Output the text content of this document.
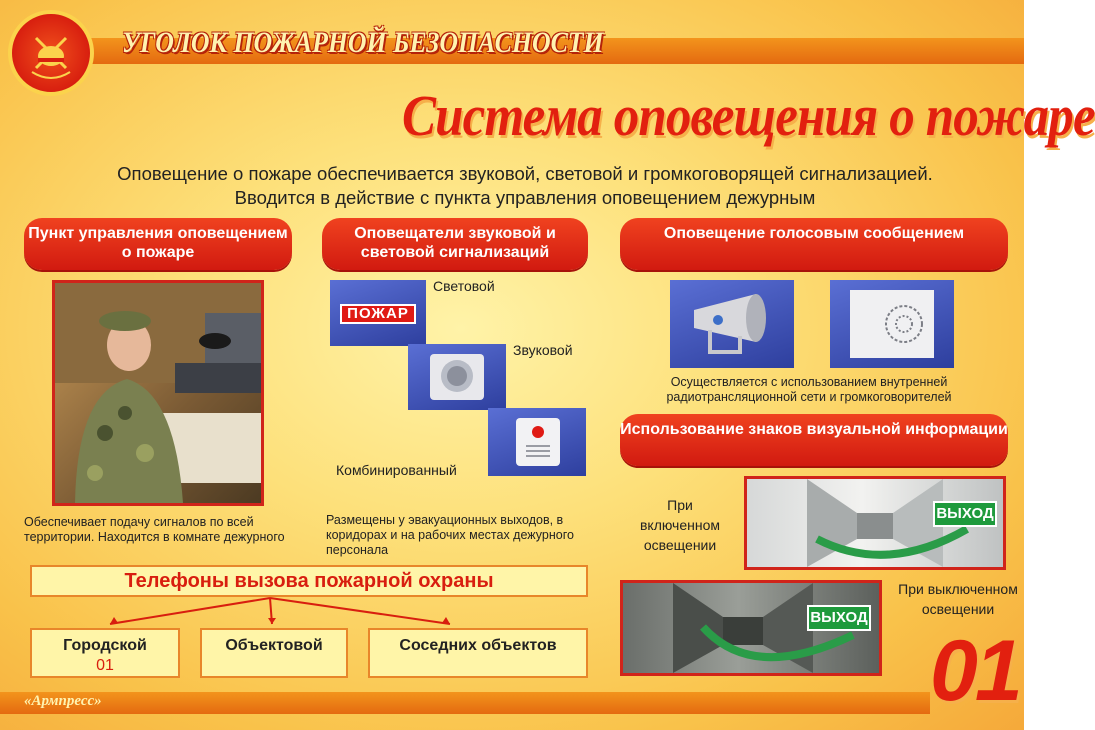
УГОЛОК ПОЖАРНОЙ БЕЗОПАСНОСТИ
Система оповещения о пожаре
Оповещение о пожаре обеспечивается звуковой, световой и громкоговорящей сигнализацией. Вводится в действие с пункта управления оповещением дежурным
Пункт управления оповещением о пожаре
Обеспечивает подачу сигналов по всей территории. Находится в комнате дежурного
Оповещатели звуковой и световой сигнализаций
ПОЖАР
Световой
Звуковой
Комбинированный
Размещены у эвакуационных выходов, в коридорах и на рабочих местах дежурного персонала
Оповещение голосовым сообщением
Осуществляется с использованием внутренней радиотрансляционной сети и громкоговорителей
Использование знаков визуальной информации
При включенном освещении
ВЫХОД
ВЫХОД
При выключенном освещении
Телефоны вызова пожарной охраны
Городской
01
Объектовой	Соседних объектов
«Армпресс»	01
